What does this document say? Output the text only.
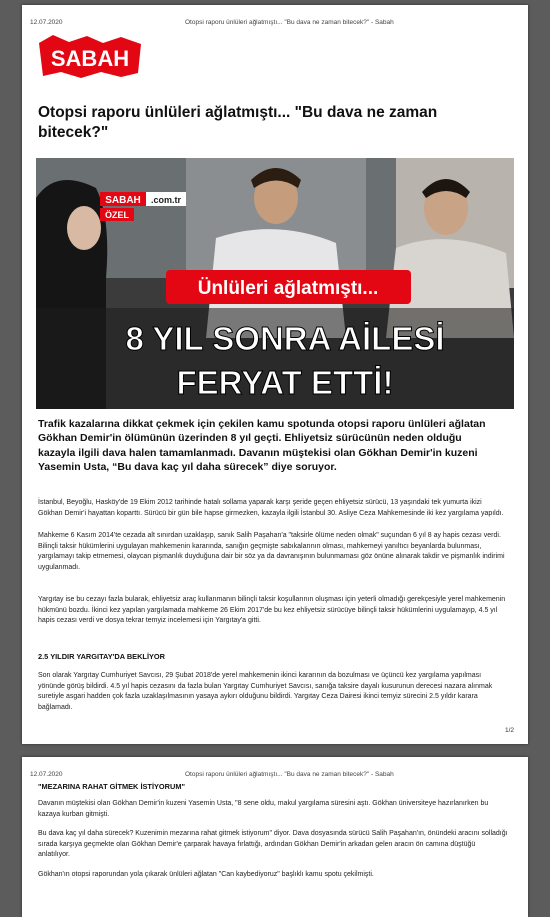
12.07.2020	Otopsi raporu ünlüleri ağlatmıştı... "Bu dava ne zaman bitecek?" - Sabah
SABAH
Otopsi raporu ünlüleri ağlatmıştı... "Bu dava ne zaman bitecek?"
SABAH .com.tr
ÖZEL
Ünlüleri ağlatmıştı...
8 YIL SONRA AİLESİ
FERYAT ETTİ!
Trafik kazalarına dikkat çekmek için çekilen kamu spotunda otopsi raporu ünlüleri ağlatan Gökhan Demir'in ölümünün üzerinden 8 yıl geçti. Ehliyetsiz sürücünün neden olduğu kazayla ilgili dava halen tamamlanmadı. Davanın müştekisi olan Gökhan Demir'in kuzeni Yasemin Usta, “Bu dava kaç yıl daha sürecek” diye soruyor.

İstanbul, Beyoğlu, Hasköy'de 19 Ekim 2012 tarihinde hatalı sollama yaparak karşı şeride geçen ehliyetsiz sürücü, 13 yaşındaki tek yumurta ikizi Gökhan Demir'i hayattan koparttı. Sürücü bir gün bile hapse girmezken, kazayla ilgili İstanbul 30. Asliye Ceza Mahkemesinde iki kez yargılama yapıldı.

Mahkeme 6 Kasım 2014'te cezada alt sınırdan uzaklaşıp, sanık Salih Paşahan'a "taksirle ölüme neden olmak" suçundan 6 yıl 8 ay hapis cezası verdi. Bilinçli taksir hükümlerini uygulayan mahkemenin kararında, sanığın geçmişte sabıkalarının olması, mahkemeyi yanıltıcı beyanlarda bulunması, yargılamayı takip etmemesi, olaycan pişmanlık duyduğuna dair bir söz ya da davranışının bulunmaması göz önüne alınarak takdir ve pişmanlık indirimi uygulanmadı.

Yargıtay ise bu cezayı fazla bularak, ehliyetsiz araç kullanmanın bilinçli taksir koşullarının oluşması için yeterli olmadığı gerekçesiyle yerel mahkemenin hükmünü bozdu. İkinci kez yapılan yargılamada mahkeme 26 Ekim 2017'de bu kez ehliyetsiz sürücüye bilinçli taksir hükümlerini uygulamayıp, 4.5 yıl hapis cezası verdi ve dosya tekrar temyiz incelemesi için Yargıtay'a gitti.

2.5 YILDIR YARGITAY'DA BEKLİYOR

Son olarak Yargıtay Cumhuriyet Savcısı, 29 Şubat 2018'de yerel mahkemenin ikinci kararının da bozulması ve üçüncü kez yargılama yapılması yönünde görüş bildirdi. 4.5 yıl hapis cezasını da fazla bulan Yargıtay Cumhuriyet Savcısı, sanığa taksire dayalı kusurunun derecesi nazara alınmak suretiyle asgari hadden çok fazla uzaklaşılmasının yasaya aykırı olduğunu bildirdi. Yargıtay Ceza Dairesi ikinci temyiz sürecini 2.5 yıldır karara bağlamadı.

1/2
12.07.2020	Otopsi raporu ünlüleri ağlatmıştı... "Bu dava ne zaman bitecek?" - Sabah

"MEZARINA RAHAT GİTMEK İSTİYORUM"

Davanın müştekisi olan Gökhan Demir'in kuzeni Yasemin Usta, "8 sene oldu, makul yargılama süresini aştı. Gökhan üniversiteye hazırlanırken bu kazaya kurban gitmişti.

Bu dava kaç yıl daha sürecek? Kuzenimin mezarına rahat gitmek istiyorum" diyor. Dava dosyasında sürücü Salih Paşahan'ın, önündeki aracını solladığı sırada karşıya geçmekte olan Gökhan Demir'e çarparak havaya fırlattığı, ardından Gökhan Demir'in arkadan gelen aracın ön camına düştüğü anlatılıyor.

Gökhan'ın otopsi raporundan yola çıkarak ünlüleri ağlatan "Can kaybediyoruz" başlıklı kamu spotu çekilmişti.
